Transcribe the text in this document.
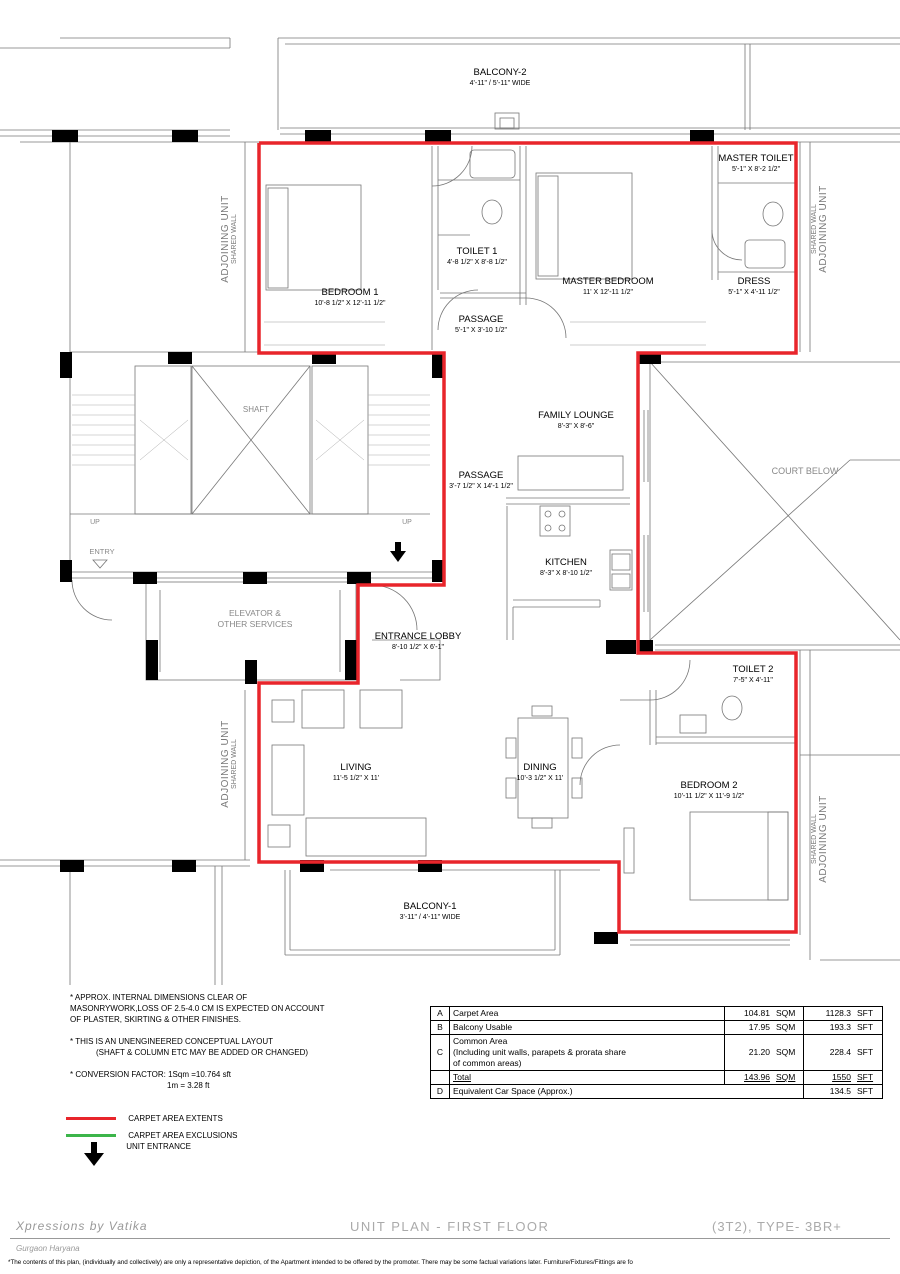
BALCONY-2
4'-11" / 5'-11" WIDE
MASTER TOILET
5'-1" X 8'-2 1/2"
TOILET 1
4'-8 1/2" X 8'-8 1/2"
BEDROOM 1
10'-8 1/2" X 12'-11 1/2"
MASTER BEDROOM
11' X 12'-11 1/2"
DRESS
5'-1" X 4'-11 1/2"
PASSAGE
5'-1" X 3'-10 1/2"
FAMILY LOUNGE
8'-3" X 8'-6"
PASSAGE
3'-7 1/2" X 14'-1 1/2"
KITCHEN
8'-3" X 8'-10 1/2"
ENTRANCE LOBBY
8'-10 1/2" X 6'-1"
TOILET 2
7'-5" X 4'-11"
LIVING
11'-5 1/2" X 11'
DINING
10'-3 1/2" X 11'
BEDROOM 2
10'-11 1/2" X 11'-9 1/2"
BALCONY-1
3'-11" / 4'-11" WIDE
SHAFT
COURT BELOW
ELEVATOR &
OTHER SERVICES
ENTRY
UP	UP
ADJOINING UNIT SHARED WALL
ADJOINING UNIT SHARED WALL
SHARED WALL ADJOINING UNIT
SHARED WALL ADJOINING UNIT

* APPROX. INTERNAL DIMENSIONS CLEAR OF
MASONRYWORK,LOSS OF 2.5-4.0 CM IS EXPECTED ON ACCOUNT
OF PLASTER, SKIRTING & OTHER FINISHES.

* THIS IS AN UNENGINEERED CONCEPTUAL LAYOUT
(SHAFT & COLUMN ETC MAY BE ADDED OR CHANGED)

* CONVERSION FACTOR: 1Sqm =10.764 sft
1m = 3.28 ft

CARPET AREA EXTENTS
CARPET AREA EXCLUSIONS
UNIT ENTRANCE
A	Carpet Area	104.81	SQM	1128.3	SFT
B	Balcony Usable	17.95	SQM	193.3	SFT
C	Common Area
(Including unit walls, parapets & prorata share
of common areas)	21.20	SQM	228.4	SFT
	Total	143.96	SQM	1550	SFT
D	Equivalent Car Space (Approx.)			134.5	SFT
Xpressions by Vatika
Gurgaon Haryana
UNIT PLAN - FIRST FLOOR	(3T2), TYPE- 3BR+
*The contents of this plan, (individually and collectively) are only a representative depiction, of the Apartment intended to be offered by the promoter. There may be some factual variations later. Furniture/Fixtures/Fittings are fo
